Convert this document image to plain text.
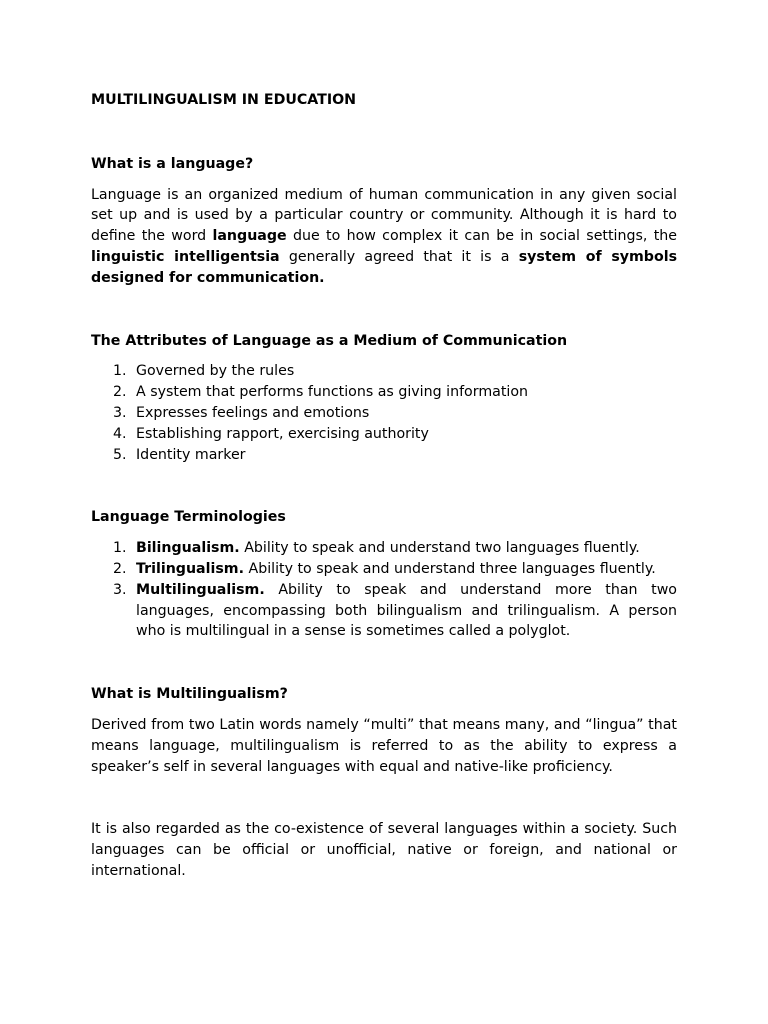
MULTILINGUALISM IN EDUCATION
What is a language?

Language is an organized medium of human communication in any given social set up and is used by a particular country or community. Although it is hard to define the word language due to how complex it can be in social settings, the linguistic intelligentsia generally agreed that it is a system of symbols designed for communication.

The Attributes of Language as a Medium of Communication
1. Governed by the rules
2. A system that performs functions as giving information
3. Expresses feelings and emotions
4. Establishing rapport, exercising authority
5. Identity marker
Language Terminologies
1. Bilingualism. Ability to speak and understand two languages fluently.
2. Trilingualism. Ability to speak and understand three languages fluently.
3. Multilingualism. Ability to speak and understand more than two languages, encompassing both bilingualism and trilingualism. A person who is multilingual in a sense is sometimes called a polyglot.
What is Multilingualism?

Derived from two Latin words namely “multi” that means many, and “lingua” that means language, multilingualism is referred to as the ability to express a speaker’s self in several languages with equal and native-like proficiency.

It is also regarded as the co-existence of several languages within a society. Such languages can be official or unofficial, native or foreign, and national or international.
